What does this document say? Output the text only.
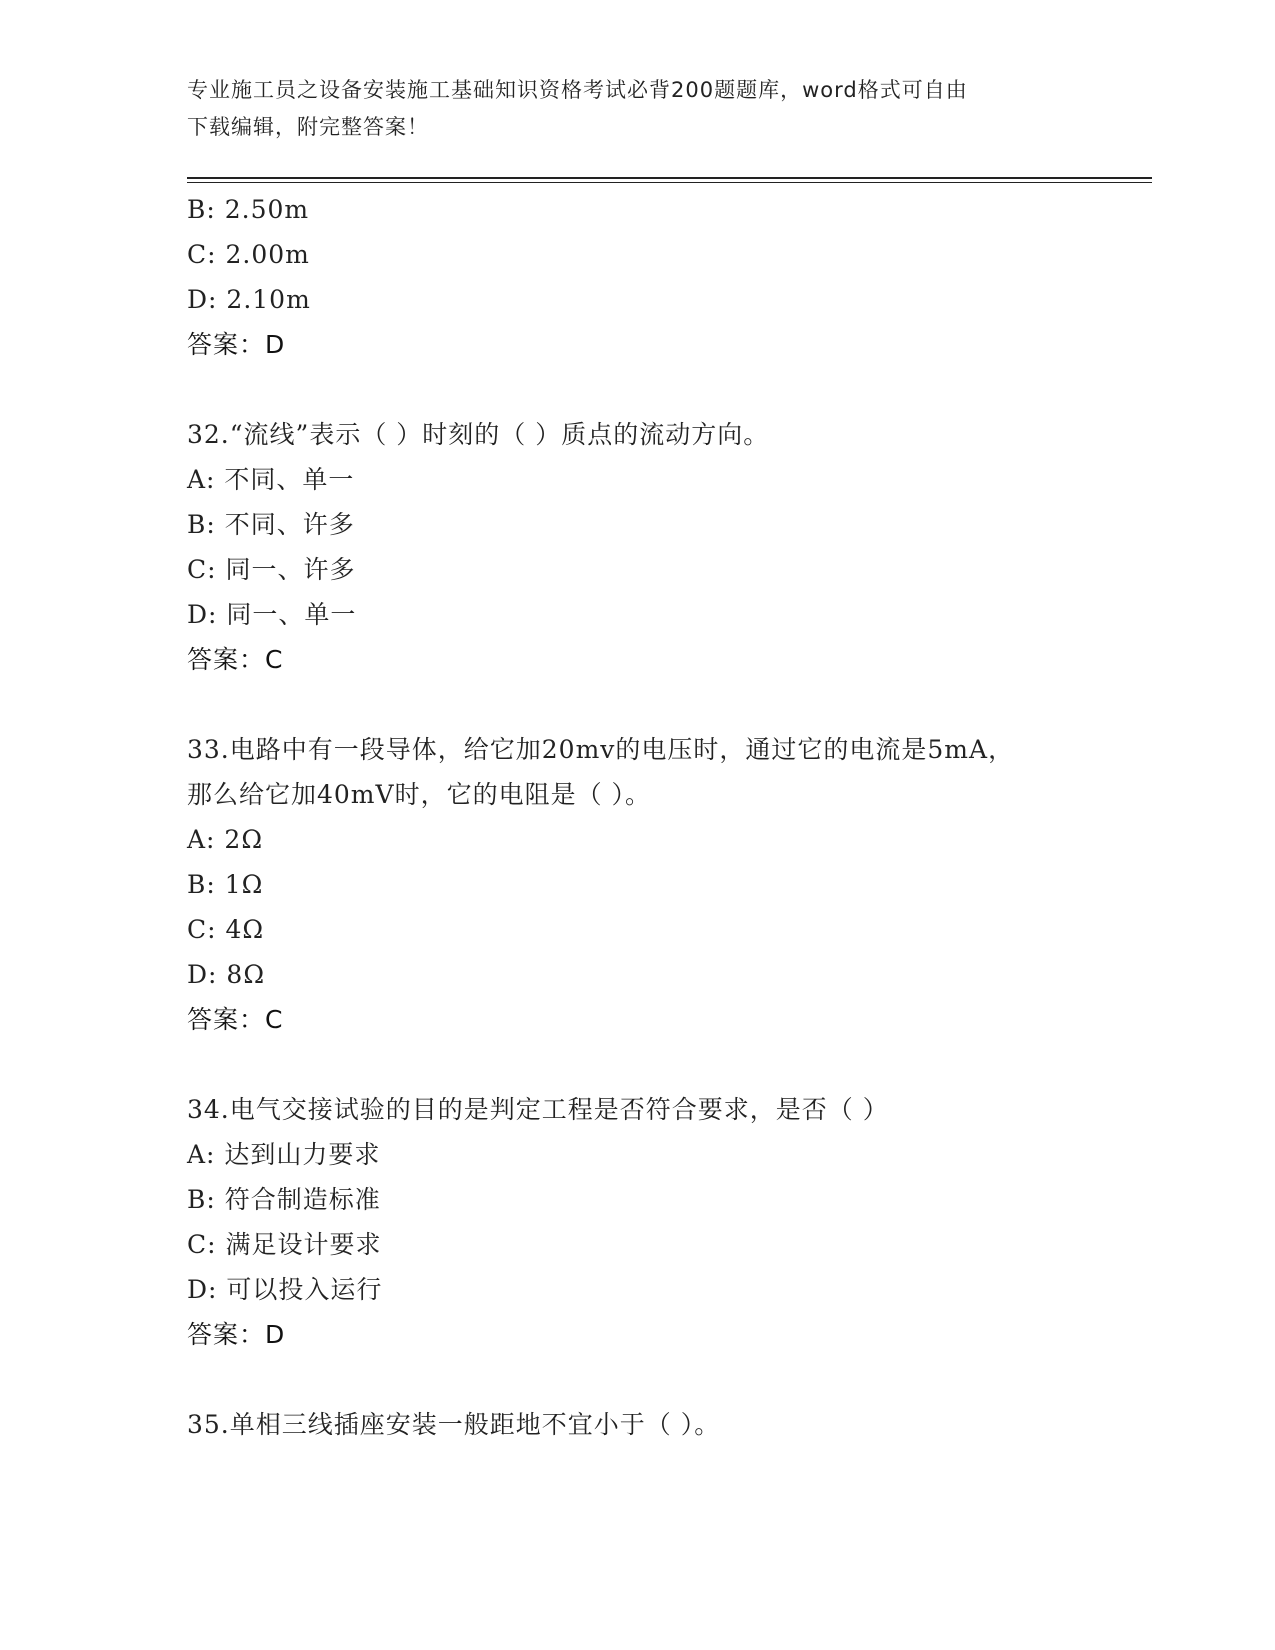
专业施工员之设备安装施工基础知识资格考试必背200题题库，word格式可自由
下载编辑，附完整答案！
B: 2.50m
C: 2.00m
D: 2.10m
答案：D
32.“流线”表示（ ）时刻的（ ）质点的流动方向。
A: 不同、单一
B: 不同、许多
C: 同一、许多
D: 同一、单一
答案：C
33.电路中有一段导体，给它加20mv的电压时，通过它的电流是5mA，
那么给它加40mV时，它的电阻是（ ）。
A: 2Ω
B: 1Ω
C: 4Ω
D: 8Ω
答案：C
34.电气交接试验的目的是判定工程是否符合要求，是否（ ）
A: 达到山力要求
B: 符合制造标准
C: 满足设计要求
D: 可以投入运行
答案：D
35.单相三线插座安装一般距地不宜小于（ ）。
